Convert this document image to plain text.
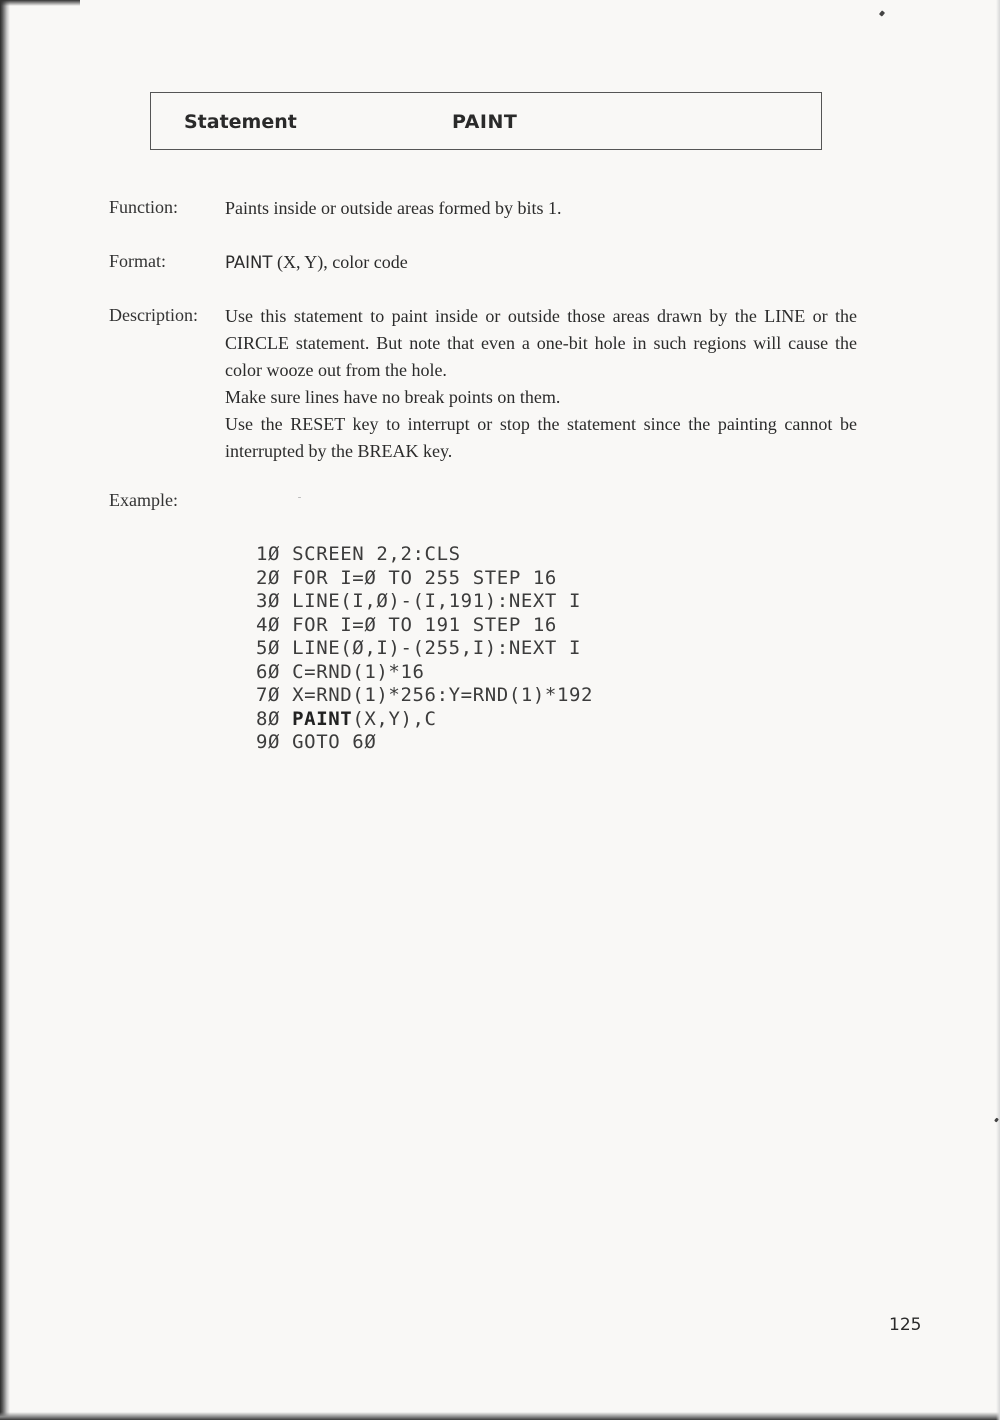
Statement	PAINT
Function:	Paints inside or outside areas formed by bits 1.

Format:	PAINT (X, Y), color code
Description: Use this statement to paint inside or outside those areas drawn by the LINE or the CIRCLE statement. But note that even a one-bit hole in such regions will cause the color wooze out from the hole.

Make sure lines have no break points on them.

Use the RESET key to interrupt or stop the statement since the painting cannot be interrupted by the BREAK key.

Example:
1Ø SCREEN 2,2:CLS
2Ø FOR I=Ø TO 255 STEP 16
3Ø LINE(I,Ø)-(I,191):NEXT I
4Ø FOR I=Ø TO 191 STEP 16
5Ø LINE(Ø,I)-(255,I):NEXT I
6Ø C=RND(1)*16
7Ø X=RND(1)*256:Y=RND(1)*192
8Ø PAINT(X,Y),C
9Ø GOTO 6Ø
125
